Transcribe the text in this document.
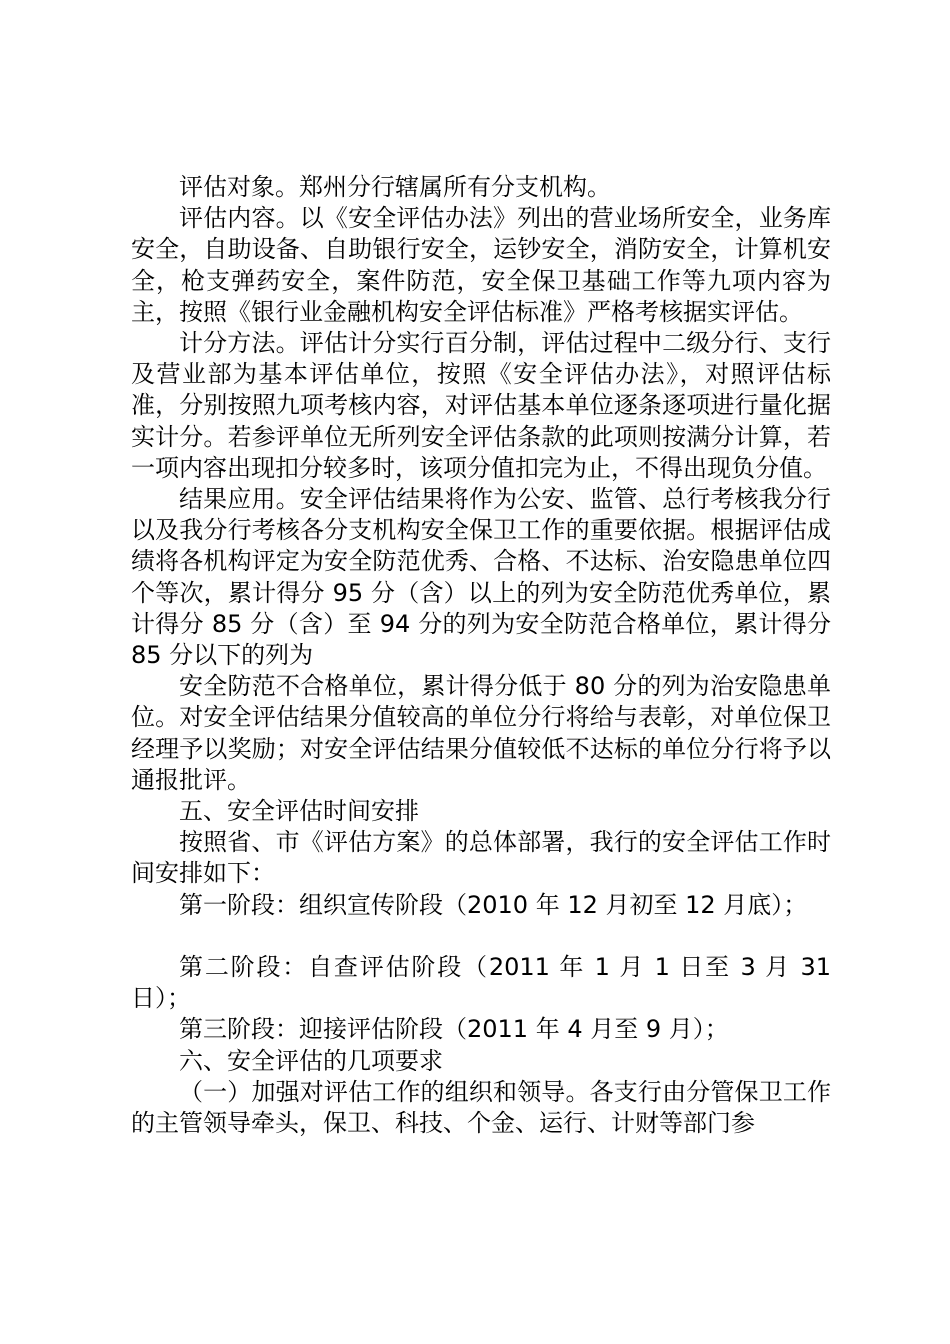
评估对象。郑州分行辖属所有分支机构。

评估内容。以《安全评估办法》列出的营业场所安全，业务库安全，自助设备、自助银行安全，运钞安全，消防安全，计算机安全，枪支弹药安全，案件防范，安全保卫基础工作等九项内容为主，按照《银行业金融机构安全评估标准》严格考核据实评估。

计分方法。评估计分实行百分制，评估过程中二级分行、支行及营业部为基本评估单位，按照《安全评估办法》，对照评估标准，分别按照九项考核内容，对评估基本单位逐条逐项进行量化据实计分。若参评单位无所列安全评估条款的此项则按满分计算，若一项内容出现扣分较多时，该项分值扣完为止，不得出现负分值。

结果应用。安全评估结果将作为公安、监管、总行考核我分行以及我分行考核各分支机构安全保卫工作的重要依据。根据评估成绩将各机构评定为安全防范优秀、合格、不达标、治安隐患单位四个等次，累计得分 95 分（含）以上的列为安全防范优秀单位，累计得分 85 分（含）至 94 分的列为安全防范合格单位，累计得分 85 分以下的列为

安全防范不合格单位，累计得分低于 80 分的列为治安隐患单位。对安全评估结果分值较高的单位分行将给与表彰，对单位保卫经理予以奖励；对安全评估结果分值较低不达标的单位分行将予以通报批评。

五、安全评估时间安排

按照省、市《评估方案》的总体部署，我行的安全评估工作时间安排如下：

第一阶段：组织宣传阶段（2010 年 12 月初至 12 月底）；

第二阶段：自查评估阶段（2011 年 1 月 1 日至 3 月 31 日）；

第三阶段：迎接评估阶段（2011 年 4 月至 9 月）；

六、安全评估的几项要求

（一）加强对评估工作的组织和领导。各支行由分管保卫工作的主管领导牵头，保卫、科技、个金、运行、计财等部门参
